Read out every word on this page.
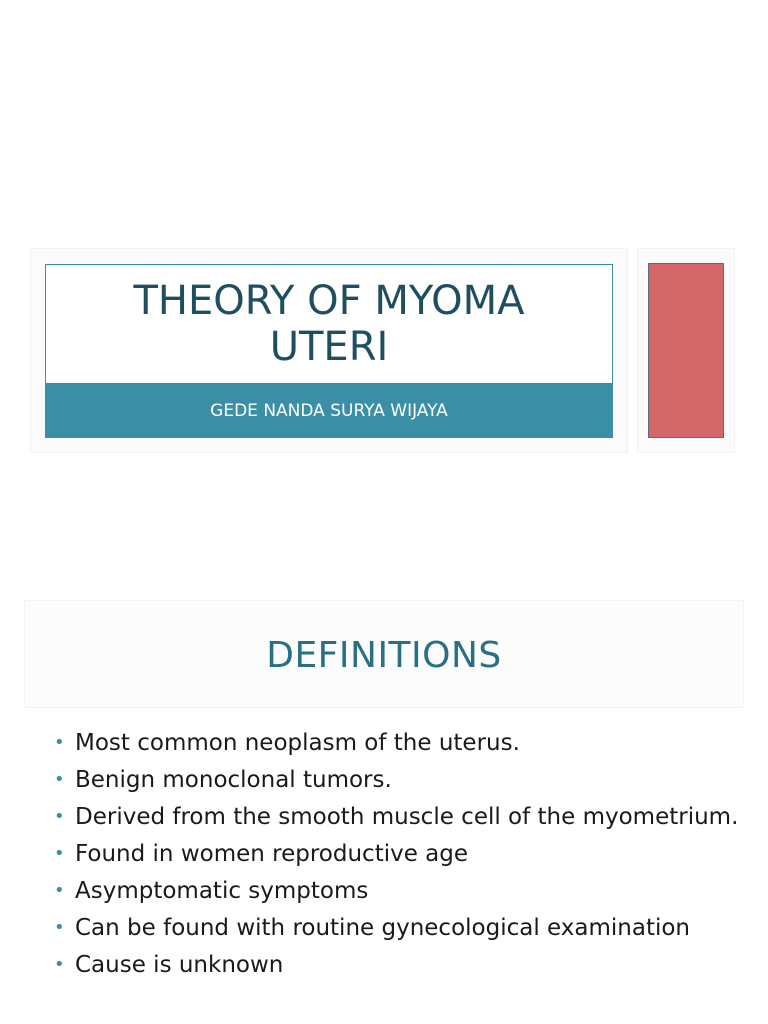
THEORY OF MYOMA UTERI
GEDE NANDA SURYA WIJAYA
DEFINITIONS
• Most common neoplasm of the uterus.
• Benign monoclonal tumors.
• Derived from the smooth muscle cell of the myometrium.
• Found in women reproductive age
• Asymptomatic symptoms
• Can be found with routine gynecological examination
• Cause is unknown
